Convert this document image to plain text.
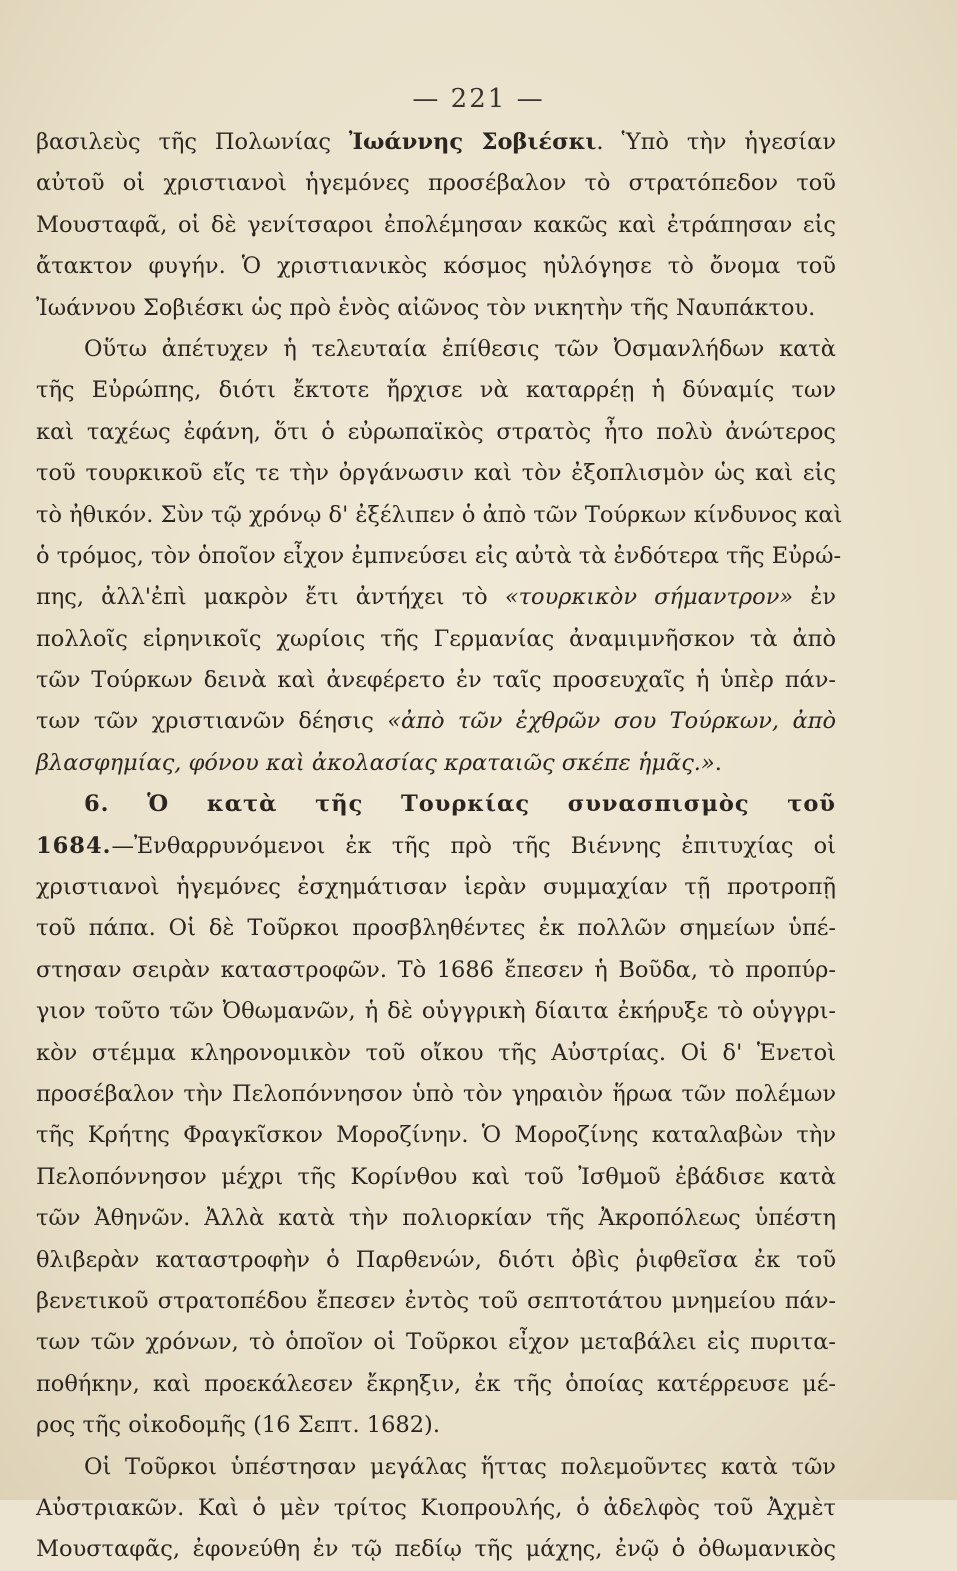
— 221 —
βασιλεὺς τῆς Πολωνίας Ἰωάννης Σοβιέσκι. Ὑπὸ τὴν ἡγεσίαν
αὐτοῦ οἱ χριστιανοὶ ἡγεμόνες προσέβαλον τὸ στρατόπεδον τοῦ
Μουσταφᾶ, οἱ δὲ γενίτσαροι ἐπολέμησαν κακῶς καὶ ἐτράπησαν εἰς
ἄτακτον φυγήν. Ὁ χριστιανικὸς κόσμος ηὐλόγησε τὸ ὄνομα τοῦ
Ἰωάννου Σοβιέσκι ὡς πρὸ ἑνὸς αἰῶνος τὸν νικητὴν τῆς Ναυπάκτου.
Οὕτω ἀπέτυχεν ἡ τελευταία ἐπίθεσις τῶν Ὀσμανλήδων κατὰ
τῆς Εὐρώπης, διότι ἔκτοτε ἤρχισε νὰ καταρρέῃ ἡ δύναμίς των
καὶ ταχέως ἐφάνη, ὅτι ὁ εὐρωπαϊκὸς στρατὸς ἦτο πολὺ ἀνώτερος
τοῦ τουρκικοῦ εἴς τε τὴν ὀργάνωσιν καὶ τὸν ἐξοπλισμὸν ὡς καὶ εἰς
τὸ ἠθικόν. Σὺν τῷ χρόνῳ δ' ἐξέλιπεν ὁ ἀπὸ τῶν Τούρκων κίνδυνος καὶ
ὁ τρόμος, τὸν ὁποῖον εἶχον ἐμπνεύσει εἰς αὐτὰ τὰ ἐνδότερα τῆς Εὐρώ-
πης, ἀλλ'ἐπὶ μακρὸν ἔτι ἀντήχει τὸ «τουρκικὸν σήμαντρον» ἐν
πολλοῖς εἰρηνικοῖς χωρίοις τῆς Γερμανίας ἀναμιμνῆσκον τὰ ἀπὸ
τῶν Τούρκων δεινὰ καὶ ἀνεφέρετο ἐν ταῖς προσευχαῖς ἡ ὑπὲρ πάν-
των τῶν χριστιανῶν δέησις «ἀπὸ τῶν ἐχθρῶν σου Τούρκων, ἀπὸ
βλασφημίας, φόνου καὶ ἀκολασίας κραταιῶς σκέπε ἡμᾶς.».
6. Ὁ κατὰ τῆς Τουρκίας συνασπισμὸς τοῦ
1684.—Ἐνθαρρυνόμενοι ἐκ τῆς πρὸ τῆς Βιέννης ἐπιτυχίας οἱ
χριστιανοὶ ἡγεμόνες ἐσχημάτισαν ἱερὰν συμμαχίαν τῇ προτροπῇ
τοῦ πάπα. Οἱ δὲ Τοῦρκοι προσβληθέντες ἐκ πολλῶν σημείων ὑπέ-
στησαν σειρὰν καταστροφῶν. Τὸ 1686 ἔπεσεν ἡ Βοῦδα, τὸ προπύρ-
γιον τοῦτο τῶν Ὀθωμανῶν, ἡ δὲ οὑγγρικὴ δίαιτα ἐκήρυξε τὸ οὑγγρι-
κὸν στέμμα κληρονομικὸν τοῦ οἴκου τῆς Αὐστρίας. Οἱ δ' Ἑνετοὶ
προσέβαλον τὴν Πελοπόννησον ὑπὸ τὸν γηραιὸν ἥρωα τῶν πολέμων
τῆς Κρήτης Φραγκῖσκον Μοροζίνην. Ὁ Μοροζίνης καταλαβὼν τὴν
Πελοπόννησον μέχρι τῆς Κορίνθου καὶ τοῦ Ἰσθμοῦ ἐβάδισε κατὰ
τῶν Ἀθηνῶν. Ἀλλὰ κατὰ τὴν πολιορκίαν τῆς Ἀκροπόλεως ὑπέστη
θλιβερὰν καταστροφὴν ὁ Παρθενών, διότι ὀβὶς ῥιφθεῖσα ἐκ τοῦ
βενετικοῦ στρατοπέδου ἔπεσεν ἐντὸς τοῦ σεπτοτάτου μνημείου πάν-
των τῶν χρόνων, τὸ ὁποῖον οἱ Τοῦρκοι εἶχον μεταβάλει εἰς πυριτα-
ποθήκην, καὶ προεκάλεσεν ἔκρηξιν, ἐκ τῆς ὁποίας κατέρρευσε μέ-
ρος τῆς οἰκοδομῆς (16 Σεπτ. 1682).
Οἱ Τοῦρκοι ὑπέστησαν μεγάλας ἥττας πολεμοῦντες κατὰ τῶν
Αὐστριακῶν. Καὶ ὁ μὲν τρίτος Κιοπρουλής, ὁ ἀδελφὸς τοῦ Ἀχμὲτ
Μουσταφᾶς, ἐφονεύθη ἐν τῷ πεδίῳ τῆς μάχης, ἐνῷ ὁ ὀθωμανικὸς
